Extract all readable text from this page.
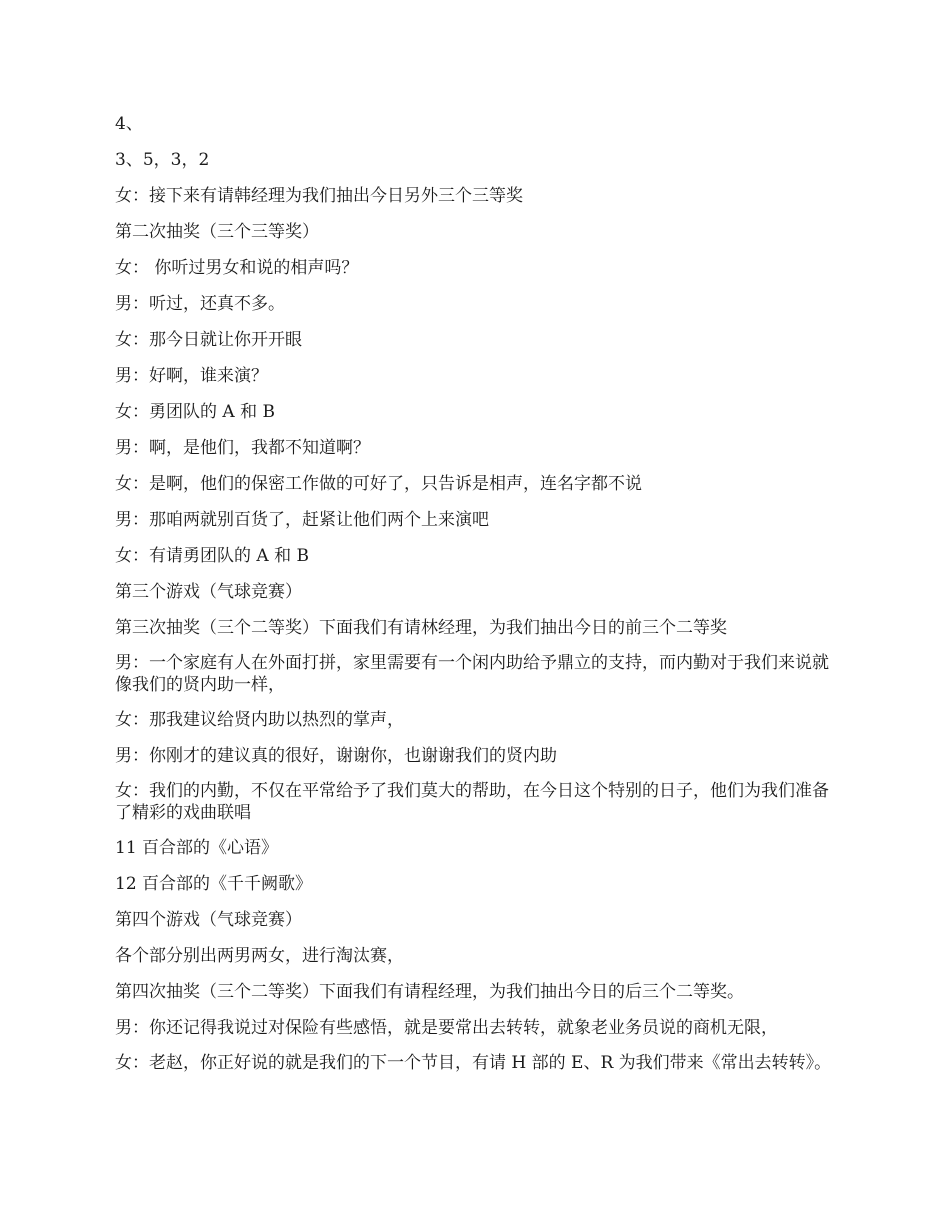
4、

3、5，3，2

女：接下来有请韩经理为我们抽出今日另外三个三等奖

第二次抽奖（三个三等奖）

女： 你听过男女和说的相声吗？

男：听过，还真不多。

女：那今日就让你开开眼

男：好啊，谁来演？

女：勇团队的 A 和 B

男：啊，是他们，我都不知道啊？

女：是啊，他们的保密工作做的可好了，只告诉是相声，连名字都不说

男：那咱两就别百货了，赶紧让他们两个上来演吧

女：有请勇团队的 A 和 B

第三个游戏（气球竞赛）

第三次抽奖（三个二等奖）下面我们有请林经理，为我们抽出今日的前三个二等奖

男：一个家庭有人在外面打拼，家里需要有一个闲内助给予鼎立的支持，而内勤对于我们来说就像我们的贤内助一样，

女：那我建议给贤内助以热烈的掌声，

男：你刚才的建议真的很好，谢谢你，也谢谢我们的贤内助

女：我们的内勤，不仅在平常给予了我们莫大的帮助，在今日这个特别的日子，他们为我们准备了精彩的戏曲联唱

11 百合部的《心语》

12 百合部的《千千阙歌》

第四个游戏（气球竞赛）

各个部分别出两男两女，进行淘汰赛，

第四次抽奖（三个二等奖）下面我们有请程经理，为我们抽出今日的后三个二等奖。

男：你还记得我说过对保险有些感悟，就是要常出去转转，就象老业务员说的商机无限，

女：老赵，你正好说的就是我们的下一个节目，有请 H 部的 E、R 为我们带来《常出去转转》。
